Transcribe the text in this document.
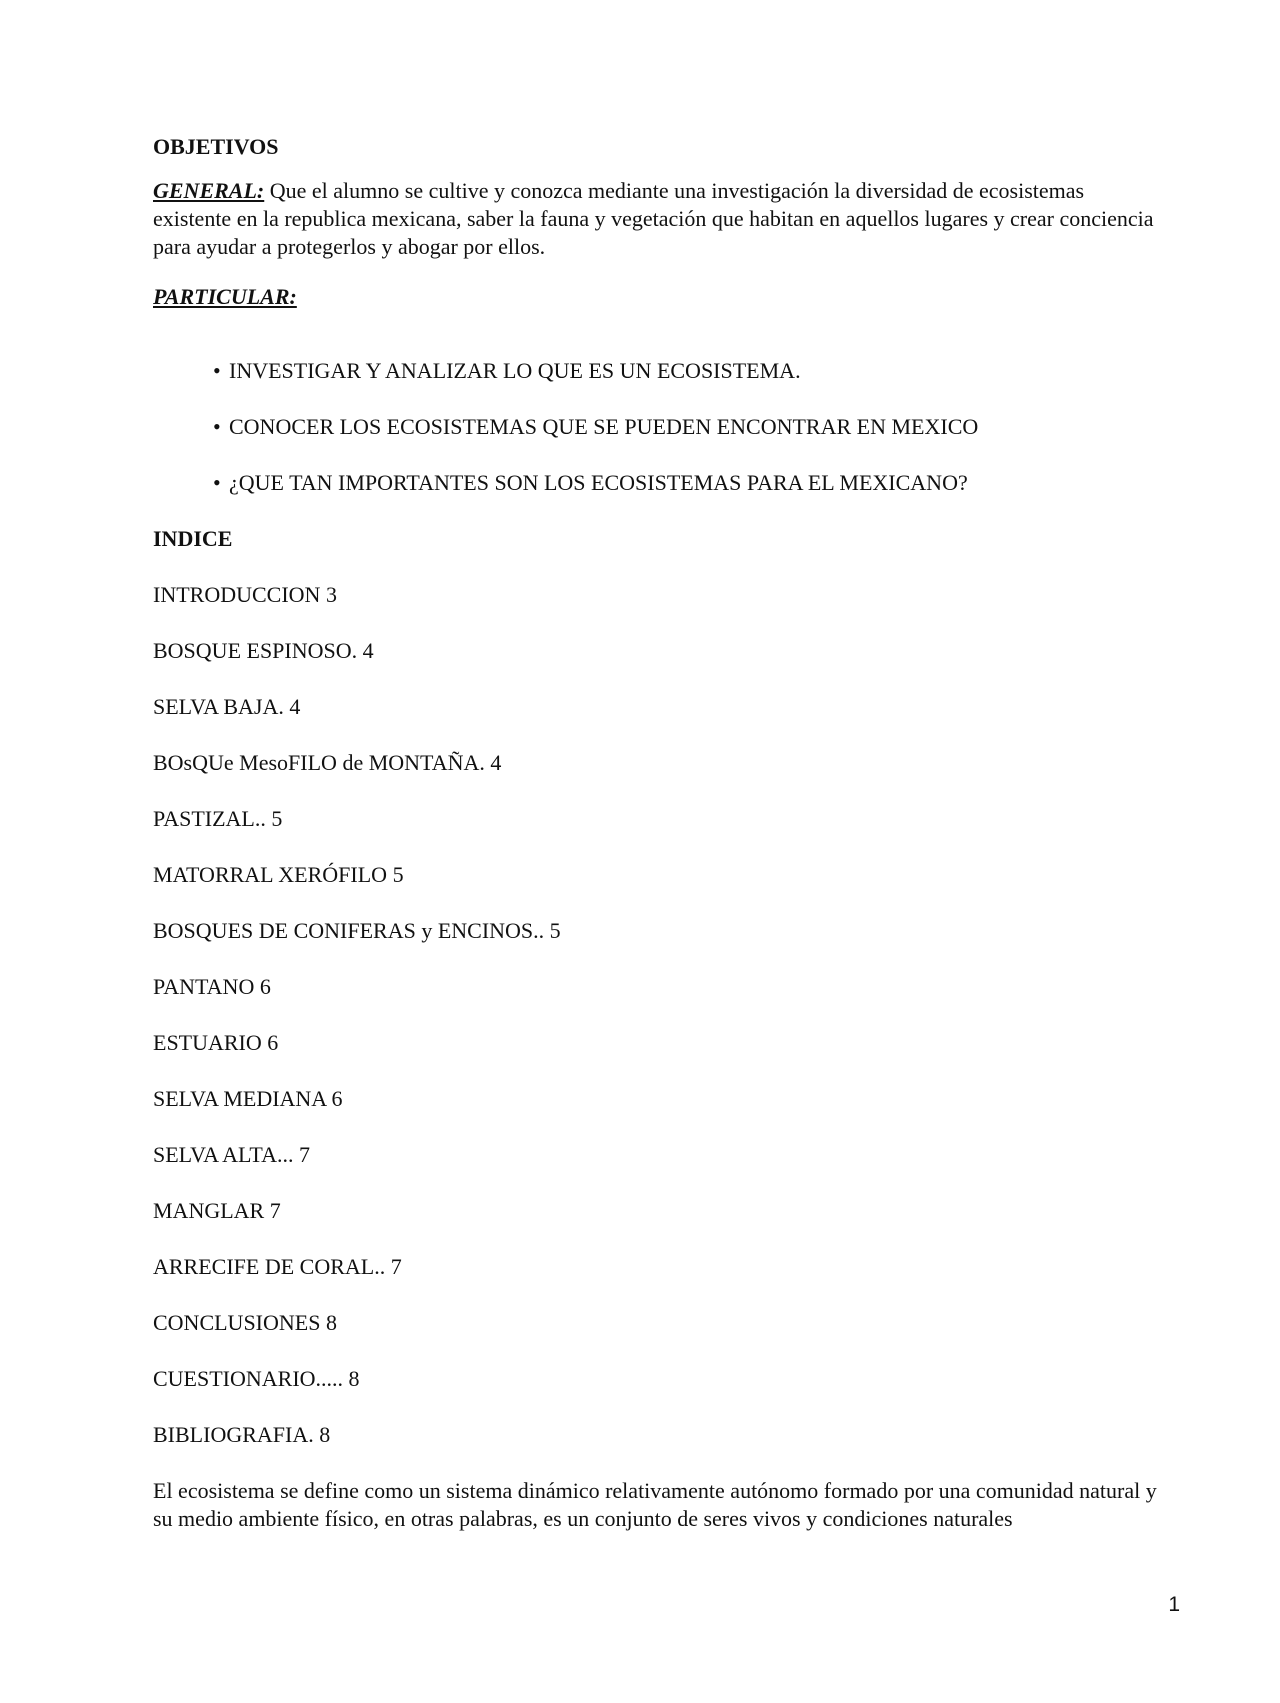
OBJETIVOS
GENERAL: Que el alumno se cultive y conozca mediante una investigación la diversidad de ecosistemas existente en la republica mexicana, saber la fauna y vegetación que habitan en aquellos lugares y crear conciencia para ayudar a protegerlos y abogar por ellos.
PARTICULAR:
• INVESTIGAR Y ANALIZAR LO QUE ES UN ECOSISTEMA.
• CONOCER LOS ECOSISTEMAS QUE SE PUEDEN ENCONTRAR EN MEXICO
• ¿QUE TAN IMPORTANTES SON LOS ECOSISTEMAS PARA EL MEXICANO?
INDICE
INTRODUCCION 3
BOSQUE ESPINOSO. 4
SELVA BAJA. 4
BOsQUe MesoFILO de MONTAÑA. 4
PASTIZAL.. 5
MATORRAL XERÓFILO 5
BOSQUES DE CONIFERAS y ENCINOS.. 5
PANTANO 6
ESTUARIO 6
SELVA MEDIANA 6
SELVA ALTA... 7
MANGLAR 7
ARRECIFE DE CORAL.. 7
CONCLUSIONES 8
CUESTIONARIO..... 8
BIBLIOGRAFIA. 8
El ecosistema se define como un sistema dinámico relativamente autónomo formado por una comunidad natural y su medio ambiente físico, en otras palabras, es un conjunto de seres vivos y condiciones naturales
1
